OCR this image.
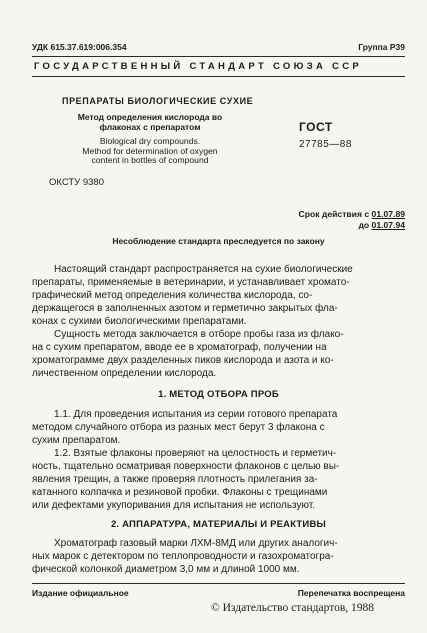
УДК 615.37.619:006.354	Группа Р39
ГОСУДАРСТВЕННЫЙ СТАНДАРТ СОЮЗА ССР
ПРЕПАРАТЫ БИОЛОГИЧЕСКИЕ СУХИЕ
Метод определения кислорода во
флаконах с препаратом
Biological dry compounds.
Method for determination of oxygen
content in bottles of compound
ГОСТ
27785—88
ОКСТУ 9380
Срок действия с 01.07.89
до 01.07.94
Несоблюдение стандарта преследуется по закону
Настоящий стандарт распространяется на сухие биологические
препараты, применяемые в ветеринарии, и устанавливает хромато-
графический метод определения количества кислорода, со-
держащегося в заполненных азотом и герметично закрытых фла-
конах с сухими биологическими препаратами.
Сущность метода заключается в отборе пробы газа из флако-
на с сухим препаратом, вводе ее в хроматограф, получении на
хроматограмме двух разделенных пиков кислорода и азота и ко-
личественном определении кислорода.
1. МЕТОД ОТБОРА ПРОБ
1.1. Для проведения испытания из серии готового препарата
методом случайного отбора из разных мест берут 3 флакона с
сухим препаратом.
1.2. Взятые флаконы проверяют на целостность и герметич-
ность, тщательно осматривая поверхности флаконов с целью вы-
явления трещин, а также проверяя плотность прилегания за-
катанного колпачка и резиновой пробки. Флаконы с трещинами
или дефектами укупоривания для испытания не используют.
2. АППАРАТУРА, МАТЕРИАЛЫ И РЕАКТИВЫ
Хроматограф газовый марки ЛХМ-8МД или других аналогич-
ных марок с детектором по теплопроводности и газохроматогра-
фической колонкой диаметром 3,0 мм и длиной 1000 мм.
Издание официальное	Перепечатка воспрещена
© Издательство стандартов, 1988
